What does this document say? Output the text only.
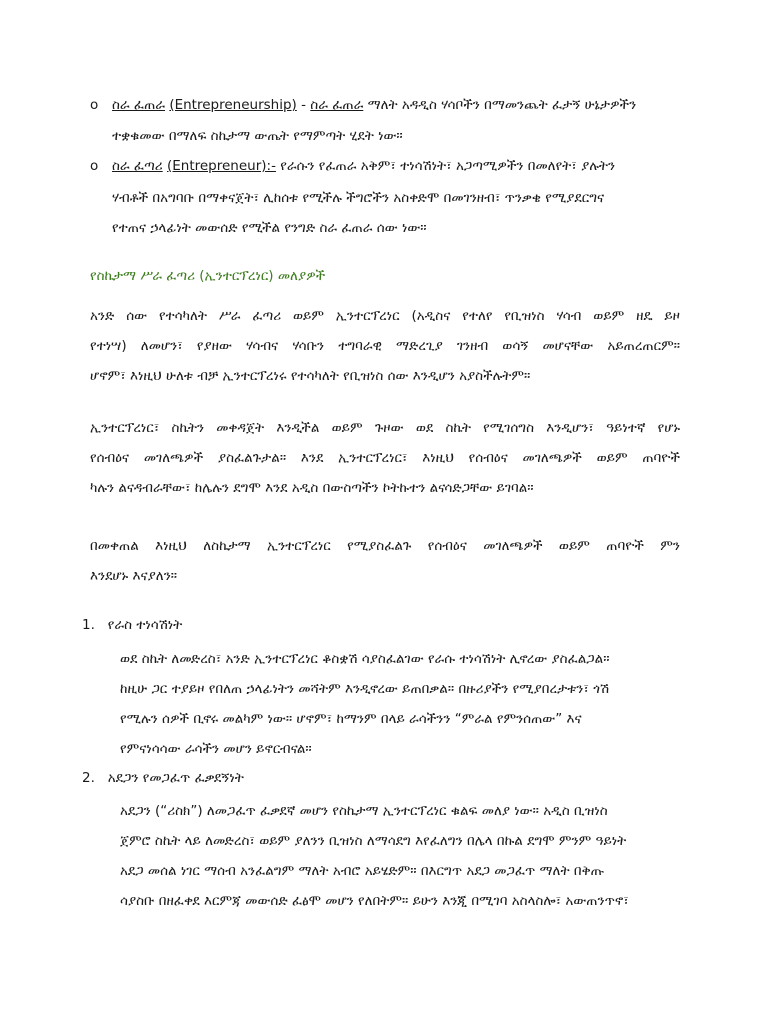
o ስራ ፈጠራ (Entrepreneurship) - ስራ ፈጠራ ማለት አዳዲስ ሃሳቦችን በማመንጨት ፈታኝ ሁኔታዎችን
ተቋቁመው በማለፍ ስኬታማ ውጤት የማምጣት ሂደት ነው።
o ስራ ፈጣሪ (Entrepreneur):- የራሱን የፈጠራ አቅም፣ ተነሳሽነት፣ አጋጣሚዎችን በመለየት፣ ያሉትን
ሃብቶች በአግባቡ በማቀናጀት፣ ሊከሰቱ የሚችሉ ችግሮችን አስቀድሞ በመገንዘብ፣ ጥንቃቄ የሚያደርግና
የተጠና ኃላፊነት መውሰድ የሚችል የንግድ ስራ ፈጠራ ሰው ነው።
የስኬታማ ሥራ ፈጣሪ (ኢንተርፕረነር) መለያዎች
አንድ ሰው የተሳካለት ሥራ ፈጣሪ ወይም ኢንተርፕረነር (አዲስና የተለየ የቢዝነስ ሃሳብ ወይም ዘዴ ይዞ
የተነሣ) ለመሆን፣ የያዘው ሃሳብና ሃሳቡን ተግባራዊ ማድረጊያ ገንዘብ ወሳኝ መሆናቸው አይጠረጠርም።
ሆኖም፣ እነዚህ ሁለቱ ብቻ ኢንተርፕረነሩ የተሳካለት የቢዝነስ ሰው እንዲሆን አያስችሉትም።
ኢንተርፕረነር፣ ስኬትን መቀዳጀት እንዲችል ወይም ጉዞው ወደ ስኬት የሚገሰግስ እንዲሆን፣ ዓይነተኛ የሆኑ
የሰብዕና መገለጫዎች ያስፈልጉታል። እንደ ኢንተርፕረነር፣ እነዚህ የሰብዕና መገለጫዎች ወይም ጠባዮች
ካሉን ልናዳብራቸው፣ ከሌሉን ደግሞ እንደ አዲስ በውስጣችን ኮትኩተን ልናሳድጋቸው ይገባል።
በመቀጠል እነዚህ ለስኬታማ ኢንተርፕረነር የሚያስፈልጉ የሰብዕና መገለጫዎች ወይም ጠባዮች ምን
እንደሆኑ እናያለን።
1. የራስ ተነሳሽነት
ወደ ስኬት ለመድረስ፣ አንድ ኢንተርፕረነር ቆስቋሽ ሳያስፈልገው የራሱ ተነሳሽነት ሊኖረው ያስፈልጋል።
ከዚሁ ጋር ተያይዞ የበለጠ ኃላፊነትን መሻትም እንዲኖረው ይጠበቃል። በዙሪያችን የሚያበረታቱን፣ ጎሽ
የሚሉን ሰዎች ቢኖሩ መልካም ነው። ሆኖም፣ ከማንም በላይ ራሳችንን “ምራል የምንሰጠው” እና
የምናነሳሳው ራሳችን መሆን ይኖርብናል።
2. አደጋን የመጋፈጥ ፈቃደኝነት
አደጋን (“ሪስክ”) ለመጋፈጥ ፈቃደኛ መሆን የስኬታማ ኢንተርፕረነር ቁልፍ መለያ ነው። አዲስ ቢዝነስ
ጀምሮ ስኬት ላይ ለመድረስ፣ ወይም ያለንን ቢዝነስ ለማሳደግ እየፈለግን በሌላ በኩል ደግሞ ምንም ዓይነት
አደጋ መሰል ነገር ማሰብ አንፈልግም ማለት አብሮ አይሄድም። በእርግጥ አደጋ መጋፈጥ ማለት በቅጡ
ሳያስቡ በዘፈቀደ እርምጃ መውሰድ ፈፅሞ መሆን የለበትም። ይሁን እንጂ በሚገባ አስላስሎ፣ አውጠንጥኖ፣
